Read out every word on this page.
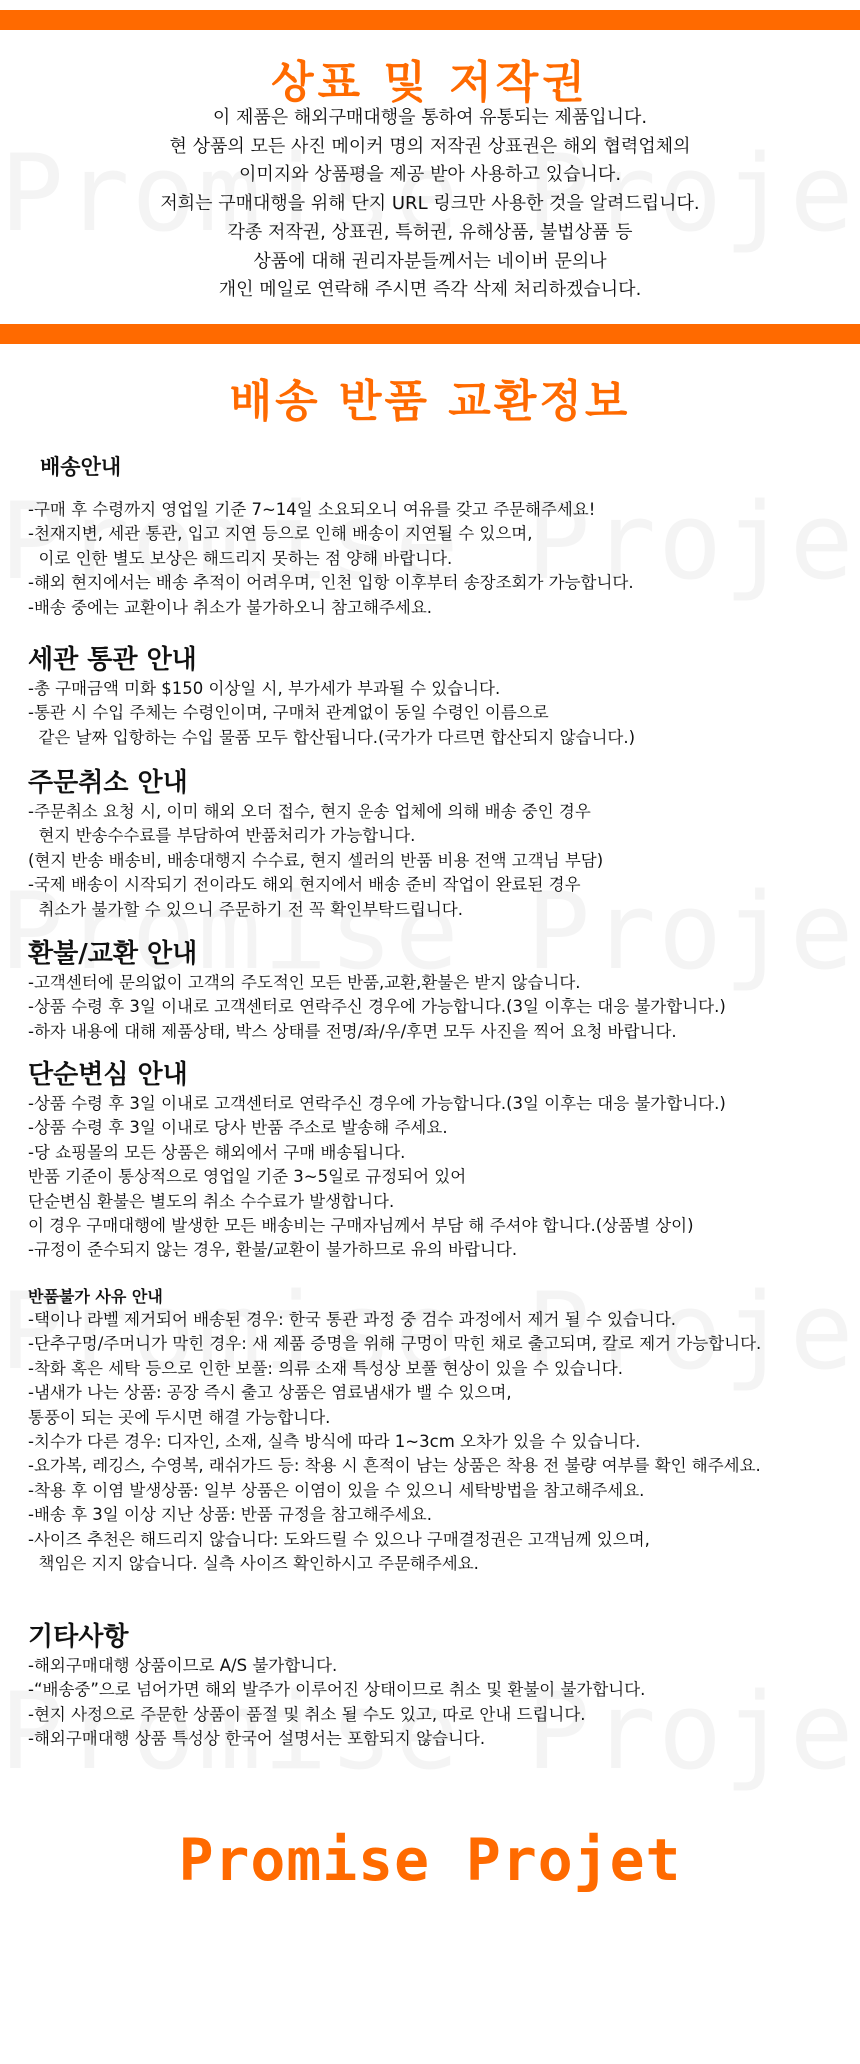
상표 및 저작권
이 제품은 해외구매대행을 통하여 유통되는 제품입니다.
현 상품의 모든 사진 메이커 명의 저작권 상표권은 해외 협력업체의
이미지와 상품평을 제공 받아 사용하고 있습니다.
저희는 구매대행을 위해 단지 URL 링크만 사용한 것을 알려드립니다.
각종 저작권, 상표권, 특허권, 유해상품, 불법상품 등
상품에 대해 권리자분들께서는 네이버 문의나
개인 메일로 연락해 주시면 즉각 삭제 처리하겠습니다.
배송 반품 교환정보
배송안내
-구매 후 수령까지 영업일 기준 7~14일 소요되오니 여유를 갖고 주문해주세요!
-천재지변, 세관 통관, 입고 지연 등으로 인해 배송이 지연될 수 있으며,
이로 인한 별도 보상은 해드리지 못하는 점 양해 바랍니다.
-해외 현지에서는 배송 추적이 어려우며, 인천 입항 이후부터 송장조회가 가능합니다.
-배송 중에는 교환이나 취소가 불가하오니 참고해주세요.
세관 통관 안내
-총 구매금액 미화 $150 이상일 시, 부가세가 부과될 수 있습니다.
-통관 시 수입 주체는 수령인이며, 구매처 관계없이 동일 수령인 이름으로
같은 날짜 입항하는 수입 물품 모두 합산됩니다.(국가가 다르면 합산되지 않습니다.)
주문취소 안내
-주문취소 요청 시, 이미 해외 오더 접수, 현지 운송 업체에 의해 배송 중인 경우
현지 반송수수료를 부담하여 반품처리가 가능합니다.
(현지 반송 배송비, 배송대행지 수수료, 현지 셀러의 반품 비용 전액 고객님 부담)
-국제 배송이 시작되기 전이라도 해외 현지에서 배송 준비 작업이 완료된 경우
취소가 불가할 수 있으니 주문하기 전 꼭 확인부탁드립니다.
환불/교환 안내
-고객센터에 문의없이 고객의 주도적인 모든 반품,교환,환불은 받지 않습니다.
-상품 수령 후 3일 이내로 고객센터로 연락주신 경우에 가능합니다.(3일 이후는 대응 불가합니다.)
-하자 내용에 대해 제품상태, 박스 상태를 전명/좌/우/후면 모두 사진을 찍어 요청 바랍니다.
단순변심 안내
-상품 수령 후 3일 이내로 고객센터로 연락주신 경우에 가능합니다.(3일 이후는 대응 불가합니다.)
-상품 수령 후 3일 이내로 당사 반품 주소로 발송해 주세요.
-당 쇼핑몰의 모든 상품은 해외에서 구매 배송됩니다.
반품 기준이 통상적으로 영업일 기준 3~5일로 규정되어 있어
단순변심 환불은 별도의 취소 수수료가 발생합니다.
이 경우 구매대행에 발생한 모든 배송비는 구매자님께서 부담 해 주셔야 합니다.(상품별 상이)
-규정이 준수되지 않는 경우, 환불/교환이 불가하므로 유의 바랍니다.
반품불가 사유 안내
-택이나 라벨 제거되어 배송된 경우: 한국 통관 과정 중 검수 과정에서 제거 될 수 있습니다.
-단추구멍/주머니가 막힌 경우: 새 제품 증명을 위해 구멍이 막힌 채로 출고되며, 칼로 제거 가능합니다.
-착화 혹은 세탁 등으로 인한 보풀: 의류 소재 특성상 보풀 현상이 있을 수 있습니다.
-냄새가 나는 상품: 공장 즉시 출고 상품은 염료냄새가 밸 수 있으며,
통풍이 되는 곳에 두시면 해결 가능합니다.
-치수가 다른 경우: 디자인, 소재, 실측 방식에 따라 1~3cm 오차가 있을 수 있습니다.
-요가복, 레깅스, 수영복, 래쉬가드 등: 착용 시 흔적이 남는 상품은 착용 전 불량 여부를 확인 해주세요.
-착용 후 이염 발생상품: 일부 상품은 이염이 있을 수 있으니 세탁방법을 참고해주세요.
-배송 후 3일 이상 지난 상품: 반품 규정을 참고해주세요.
-사이즈 추천은 해드리지 않습니다: 도와드릴 수 있으나 구매결정권은 고객님께 있으며,
책임은 지지 않습니다. 실측 사이즈 확인하시고 주문해주세요.
기타사항
-해외구매대행 상품이므로 A/S 불가합니다.
-“배송중”으로 넘어가면 해외 발주가 이루어진 상태이므로 취소 및 환불이 불가합니다.
-현지 사정으로 주문한 상품이 품절 및 취소 될 수도 있고, 따로 안내 드립니다.
-해외구매대행 상품 특성상 한국어 설명서는 포함되지 않습니다.
Promise Projet
